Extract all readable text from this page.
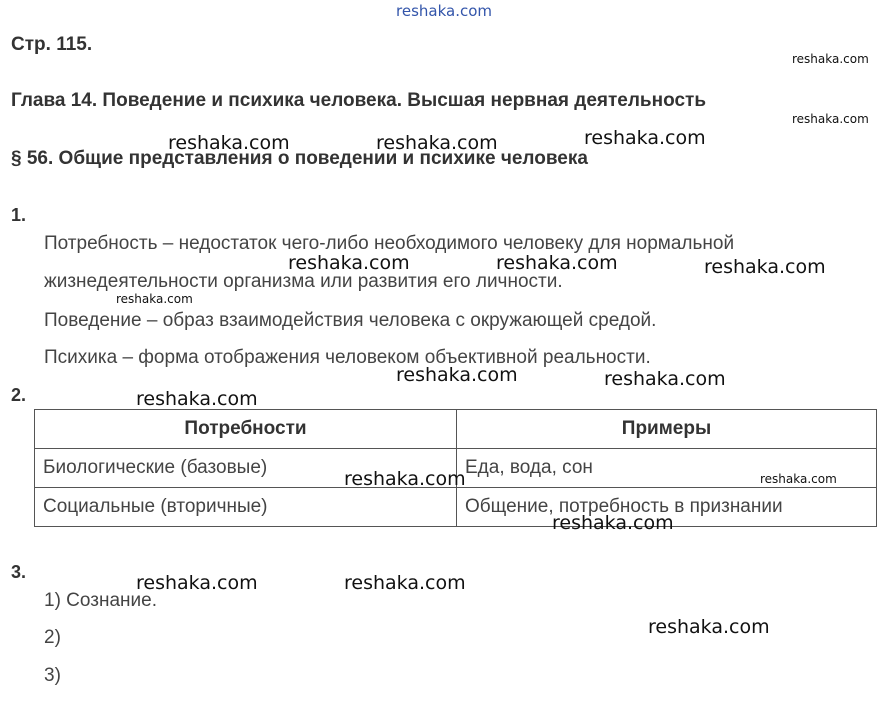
reshaka.com
Стр. 115.
Глава 14. Поведение и психика человека. Высшая нервная деятельность
§ 56. Общие представления о поведении и психике человека
1.
Потребность – недостаток чего-либо необходимого человеку для нормальной
жизнедеятельности организма или развития его личности.
Поведение – образ взаимодействия человека с окружающей средой.
Психика – форма отображения человеком объективной реальности.
2.
Потребности	Примеры
Биологические (базовые)	Еда, вода, сон
Социальные (вторичные)	Общение, потребность в признании
3.
1) Сознание.
2)
3)
reshaka.com
reshaka.com
reshaka.com	reshaka.com	reshaka.com
reshaka.com	reshaka.com	reshaka.com
reshaka.com
reshaka.com	reshaka.com
reshaka.com
reshaka.com	reshaka.com
reshaka.com
reshaka.com	reshaka.com
reshaka.com
